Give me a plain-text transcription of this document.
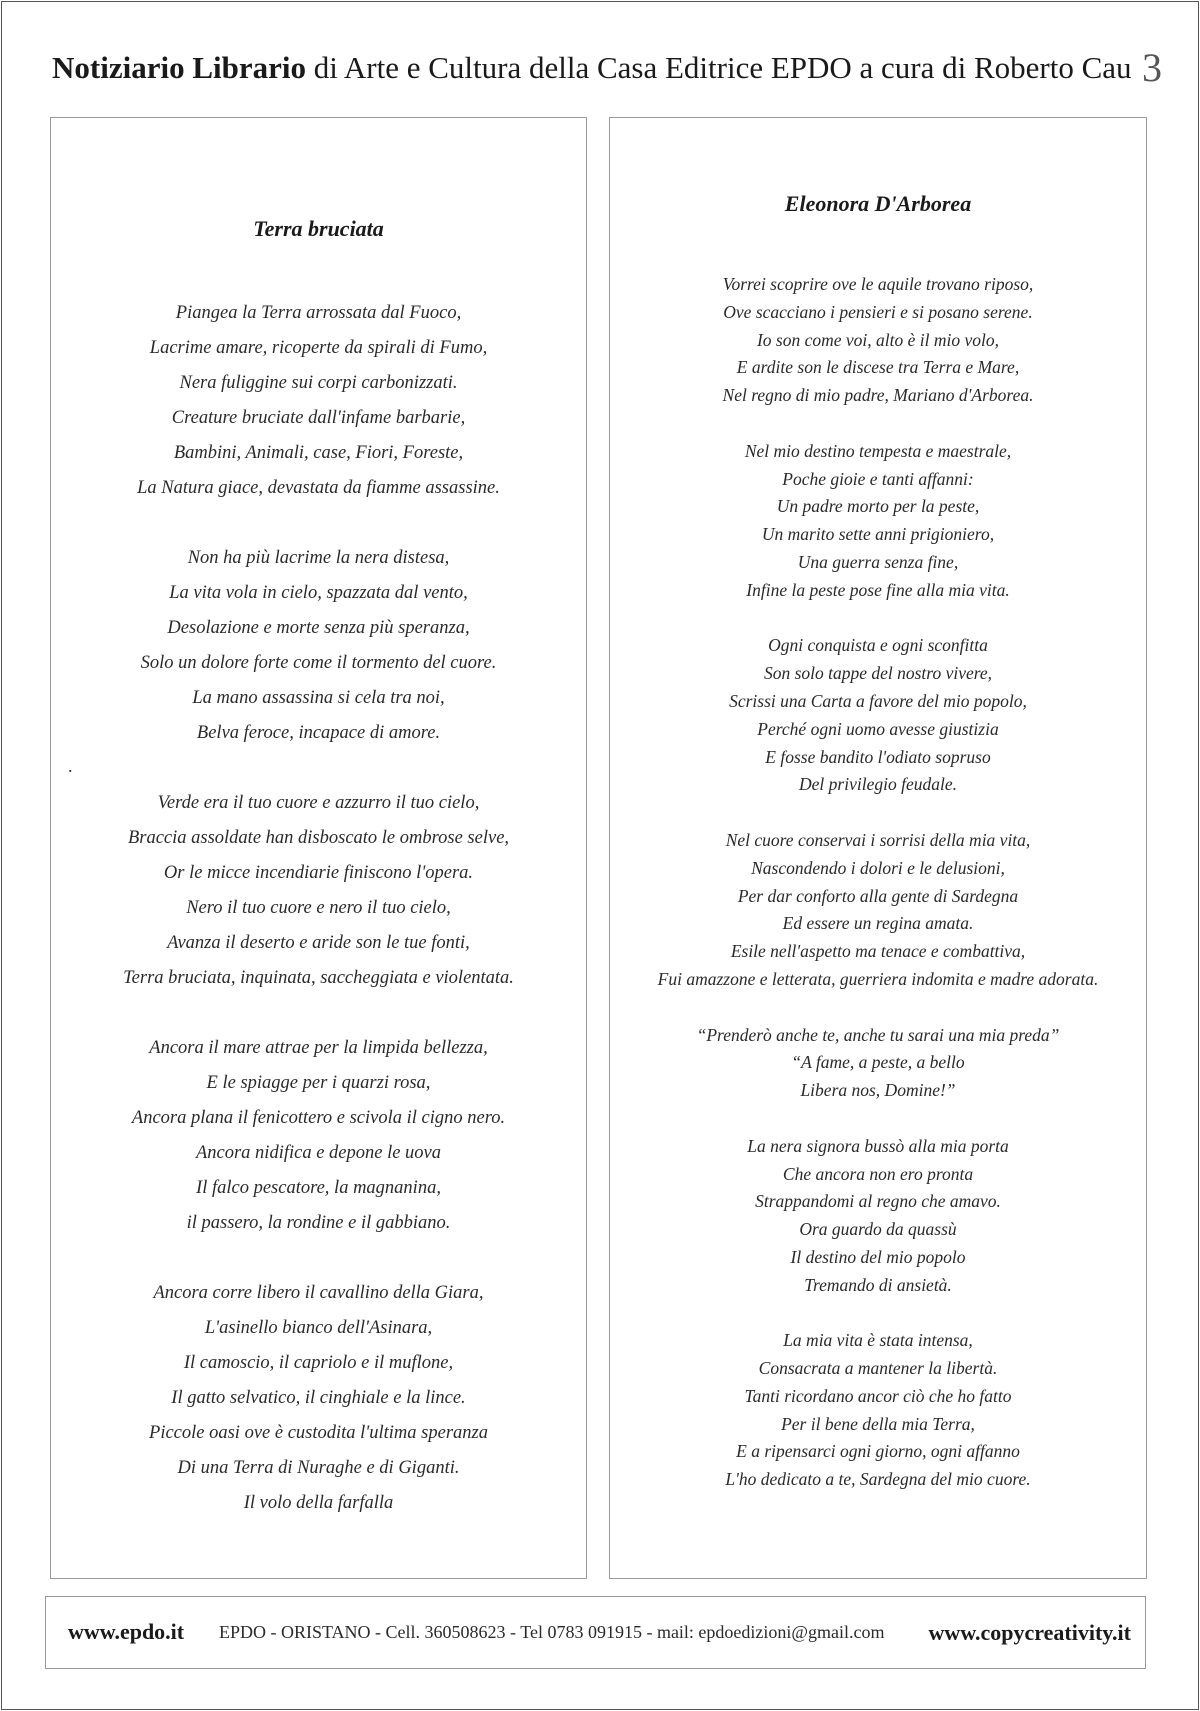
Notiziario Librario di Arte e Cultura della Casa Editrice EPDO a cura di Roberto Cau 3
Terra bruciata
.
Piangea la Terra arrossata dal Fuoco,
Lacrime amare, ricoperte da spirali di Fumo,
Nera fuliggine sui corpi carbonizzati.
Creature bruciate dall'infame barbarie,
Bambini, Animali, case, Fiori, Foreste,
La Natura giace, devastata da fiamme assassine.
Non ha più lacrime la nera distesa,
La vita vola in cielo, spazzata dal vento,
Desolazione e morte senza più speranza,
Solo un dolore forte come il tormento del cuore.
La mano assassina si cela tra noi,
Belva feroce, incapace di amore.
Verde era il tuo cuore e azzurro il tuo cielo,
Braccia assoldate han disboscato le ombrose selve,
Or le micce incendiarie finiscono l'opera.
Nero il tuo cuore e nero il tuo cielo,
Avanza il deserto e aride son le tue fonti,
Terra bruciata, inquinata, saccheggiata e violentata.
Ancora il mare attrae per la limpida bellezza,
E le spiagge per i quarzi rosa,
Ancora plana il fenicottero e scivola il cigno nero.
Ancora nidifica e depone le uova
Il falco pescatore, la magnanina,
il passero, la rondine e il gabbiano.
Ancora corre libero il cavallino della Giara,
L'asinello bianco dell'Asinara,
Il camoscio, il capriolo e il muflone,
Il gatto selvatico, il cinghiale e la lince.
Piccole oasi ove è custodita l'ultima speranza
Di una Terra di Nuraghe e di Giganti.
Il volo della farfalla
Eleonora D'Arborea
Vorrei scoprire ove le aquile trovano riposo,
Ove scacciano i pensieri e si posano serene.
Io son come voi, alto è il mio volo,
E ardite son le discese tra Terra e Mare,
Nel regno di mio padre, Mariano d'Arborea.
Nel mio destino tempesta e maestrale,
Poche gioie e tanti affanni:
Un padre morto per la peste,
Un marito sette anni prigioniero,
Una guerra senza fine,
Infine la peste pose fine alla mia vita.
Ogni conquista e ogni sconfitta
Son solo tappe del nostro vivere,
Scrissi una Carta a favore del mio popolo,
Perché ogni uomo avesse giustizia
E fosse bandito l'odiato sopruso
Del privilegio feudale.
Nel cuore conservai i sorrisi della mia vita,
Nascondendo i dolori e le delusioni,
Per dar conforto alla gente di Sardegna
Ed essere un regina amata.
Esile nell'aspetto ma tenace e combattiva,
Fui amazzone e letterata, guerriera indomita e madre adorata.
“Prenderò anche te, anche tu sarai una mia preda”
“A fame, a peste, a bello
Libera nos, Domine!”
La nera signora bussò alla mia porta
Che ancora non ero pronta
Strappandomi al regno che amavo.
Ora guardo da quassù
Il destino del mio popolo
Tremando di ansietà.
La mia vita è stata intensa,
Consacrata a mantener la libertà.
Tanti ricordano ancor ciò che ho fatto
Per il bene della mia Terra,
E a ripensarci ogni giorno, ogni affanno
L'ho dedicato a te, Sardegna del mio cuore.
www.epdo.it EPDO - ORISTANO - Cell. 360508623 - Tel 0783 091915 - mail: epdoedizioni@gmail.com www.copycreativity.it
